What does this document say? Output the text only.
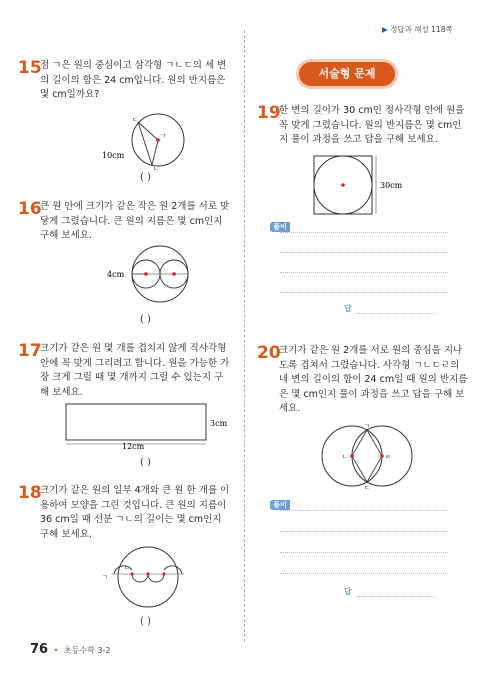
▶ 정답과 해설 118쪽
15
점 ㄱ은 원의 중심이고 삼각형 ㄱㄴㄷ의 세 변
의 길이의 합은 24 cm입니다. 원의 반지름은
몇 cm일까요?
10cm
ㄱ
ㄴ
ㄷ
( )
16
큰 원 안에 크기가 같은 작은 원 2개를 서로 맞
닿게 그렸습니다. 큰 원의 지름은 몇 cm인지
구해 보세요.
4cm
( )
17
크기가 같은 원 몇 개를 겹치지 않게 직사각형
안에 꼭 맞게 그리려고 합니다. 원을 가능한 가
장 크게 그릴 때 몇 개까지 그릴 수 있는지 구
해 보세요.
12cm
3cm
( )
18
크기가 같은 원의 일부 4개와 큰 원 한 개를 이
용하여 모양을 그린 것입니다. 큰 원의 지름이
36 cm일 때 선분 ㄱㄴ의 길이는 몇 cm인지
구해 보세요.
ㄱ
ㄴ
( )
서술형 문제
19
한 변의 길이가 30 cm인 정사각형 안에 원을
꼭 맞게 그렸습니다. 원의 반지름은 몇 cm인
지 풀이 과정을 쓰고 답을 구해 보세요.
30cm
풀이
답
20
크기가 같은 원 2개를 서로 원의 중심을 지나
도록 겹쳐서 그렸습니다. 사각형 ㄱㄴㄷㄹ의
네 변의 길이의 합이 24 cm일 때 원의 반지름
은 몇 cm인지 풀이 과정을 쓰고 답을 구해 보
세요.
ㄱ
ㄴ
ㄷ
ㄹ
풀이
답
76 • 초등수학 3-2
